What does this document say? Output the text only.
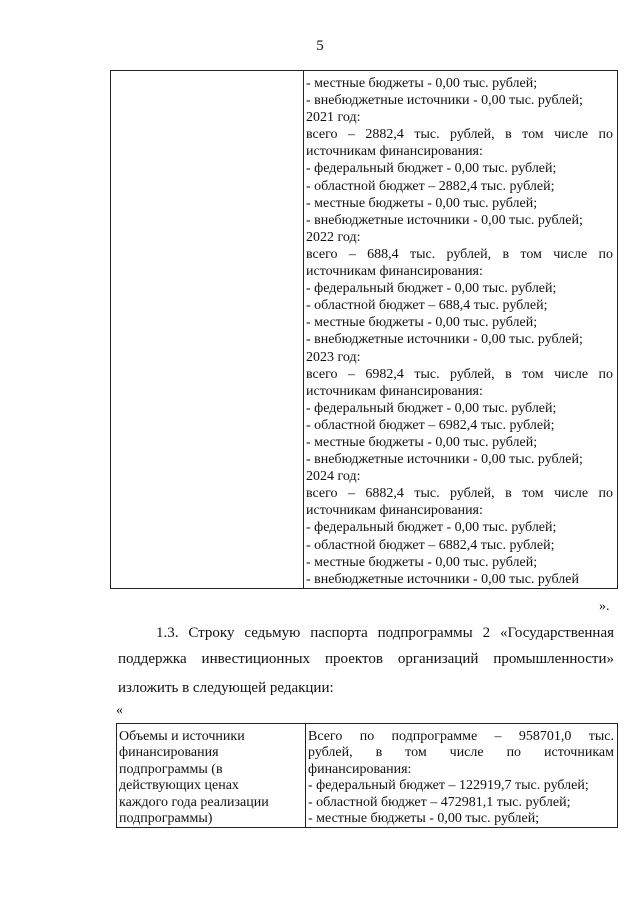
5

- местные бюджеты - 0,00 тыс. рублей;
- внебюджетные источники - 0,00 тыс. рублей;
2021 год:
всего – 2882,4 тыс. рублей, в том числе по
источникам финансирования:
- федеральный бюджет - 0,00 тыс. рублей;
- областной бюджет – 2882,4 тыс. рублей;
- местные бюджеты - 0,00 тыс. рублей;
- внебюджетные источники - 0,00 тыс. рублей;
2022 год:
всего – 688,4 тыс. рублей, в том числе по
источникам финансирования:
- федеральный бюджет - 0,00 тыс. рублей;
- областной бюджет – 688,4 тыс. рублей;
- местные бюджеты - 0,00 тыс. рублей;
- внебюджетные источники - 0,00 тыс. рублей;
2023 год:
всего – 6982,4 тыс. рублей, в том числе по
источникам финансирования:
- федеральный бюджет - 0,00 тыс. рублей;
- областной бюджет – 6982,4 тыс. рублей;
- местные бюджеты - 0,00 тыс. рублей;
- внебюджетные источники - 0,00 тыс. рублей;
2024 год:
всего – 6882,4 тыс. рублей, в том числе по
источникам финансирования:
- федеральный бюджет - 0,00 тыс. рублей;
- областной бюджет – 6882,4 тыс. рублей;
- местные бюджеты - 0,00 тыс. рублей;
- внебюджетные источники - 0,00 тыс. рублей
».
1.3. Строку седьмую паспорта подпрограммы 2 «Государственная
поддержка инвестиционных проектов организаций промышленности»
изложить в следующей редакции:
«
Объемы и источники
финансирования
подпрограммы (в
действующих ценах
каждого года реализации
подпрограммы)

Всего по подпрограмме – 958701,0 тыс.
рублей, в том числе по источникам
финансирования:
- федеральный бюджет – 122919,7 тыс. рублей;
- областной бюджет – 472981,1 тыс. рублей;
- местные бюджеты - 0,00 тыс. рублей;
